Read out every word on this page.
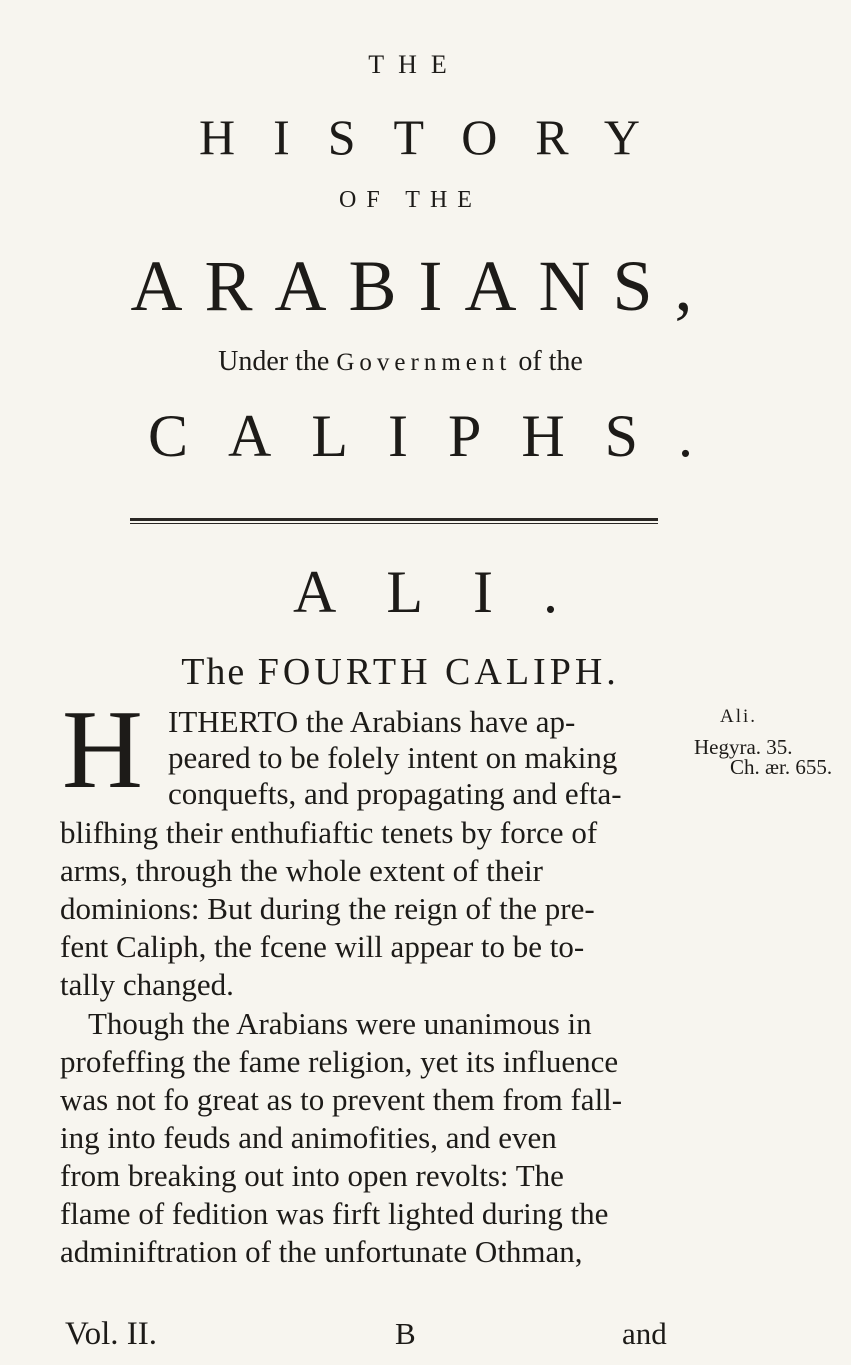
THE
HISTORY
OF THE
ARABIANS,
Under the Government of the
CALIPHS.
ALI.
The FOURTH CALIPH.
Ali.
Hegyra. 35.
Ch. ær. 655.
H ITHERTO the Arabians have ap-
peared to be folely intent on making
conquefts, and propagating and efta-
blifhing their enthufiaftic tenets by force of
arms, through the whole extent of their
dominions: But during the reign of the pre-
fent Caliph, the fcene will appear to be to-
tally changed.
Though the Arabians were unanimous in
profeffing the fame religion, yet its influence
was not fo great as to prevent them from fall-
ing into feuds and animofities, and even
from breaking out into open revolts: The
flame of fedition was firft lighted during the
adminiftration of the unfortunate Othman,
Vol. II.	B	and
